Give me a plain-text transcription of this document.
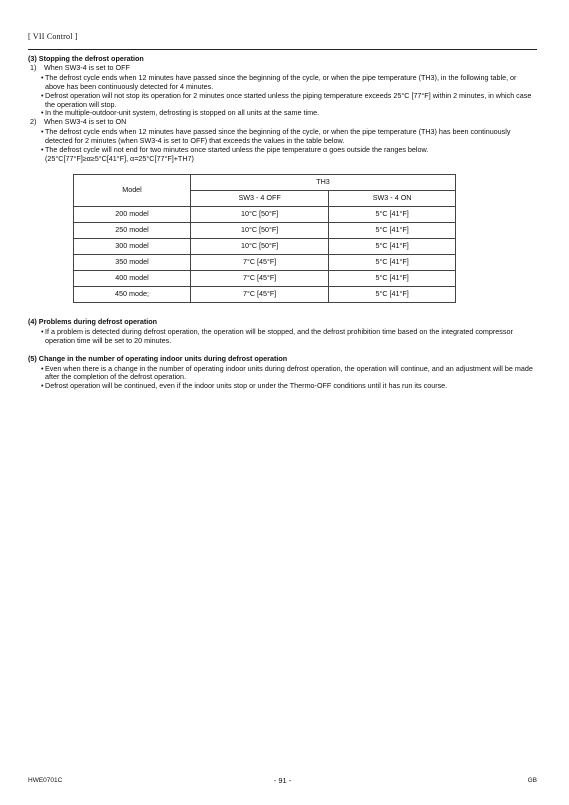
[ VII Control ]

(3) Stopping the defrost operation

1) When SW3-4 is set to OFF

• The defrost cycle ends when 12 minutes have passed since the beginning of the cycle, or when the pipe temperature (TH3), in the following table, or above has been continuously detected for 4 minutes.
• Defrost operation will not stop its operation for 2 minutes once started unless the piping temperature exceeds 25°C [77°F] within 2 minutes, in which case the operation will stop.
• In the multiple-outdoor-unit system, defrosting is stopped on all units at the same time.

2) When SW3-4 is set to ON

• The defrost cycle ends when 12 minutes have passed since the beginning of the cycle, or when the pipe temperature (TH3) has been continuously detected for 2 minutes (when SW3-4 is set to OFF) that exceeds the values in the table below.
• The defrost cycle will not end for two minutes once started unless the pipe temperature α goes outside the ranges below.

(25°C[77°F]≥α≥5°C[41°F], α=25°C[77°F]+TH7)

Model	TH3	
	SW3 - 4 OFF	SW3 - 4 ON
200 model	10°C [50°F]	5°C [41°F]
250 model	10°C [50°F]	5°C [41°F]
300 model	10°C [50°F]	5°C [41°F]
350 model	7°C [45°F]	5°C [41°F]
400 model	7°C [45°F]	5°C [41°F]
450 mode;	7°C [45°F]	5°C [41°F]

(4) Problems during defrost operation

• If a problem is detected during defrost operation, the operation will be stopped, and the defrost prohibition time based on the integrated compressor operation time will be set to 20 minutes.

(5) Change in the number of operating indoor units during defrost operation

• Even when there is a change in the number of operating indoor units during defrost operation, the operation will continue, and an adjustment will be made after the completion of the defrost operation.
• Defrost operation will be continued, even if the indoor units stop or under the Thermo-OFF conditions until it has run its course.
HWE0701C	- 91 -	GB
